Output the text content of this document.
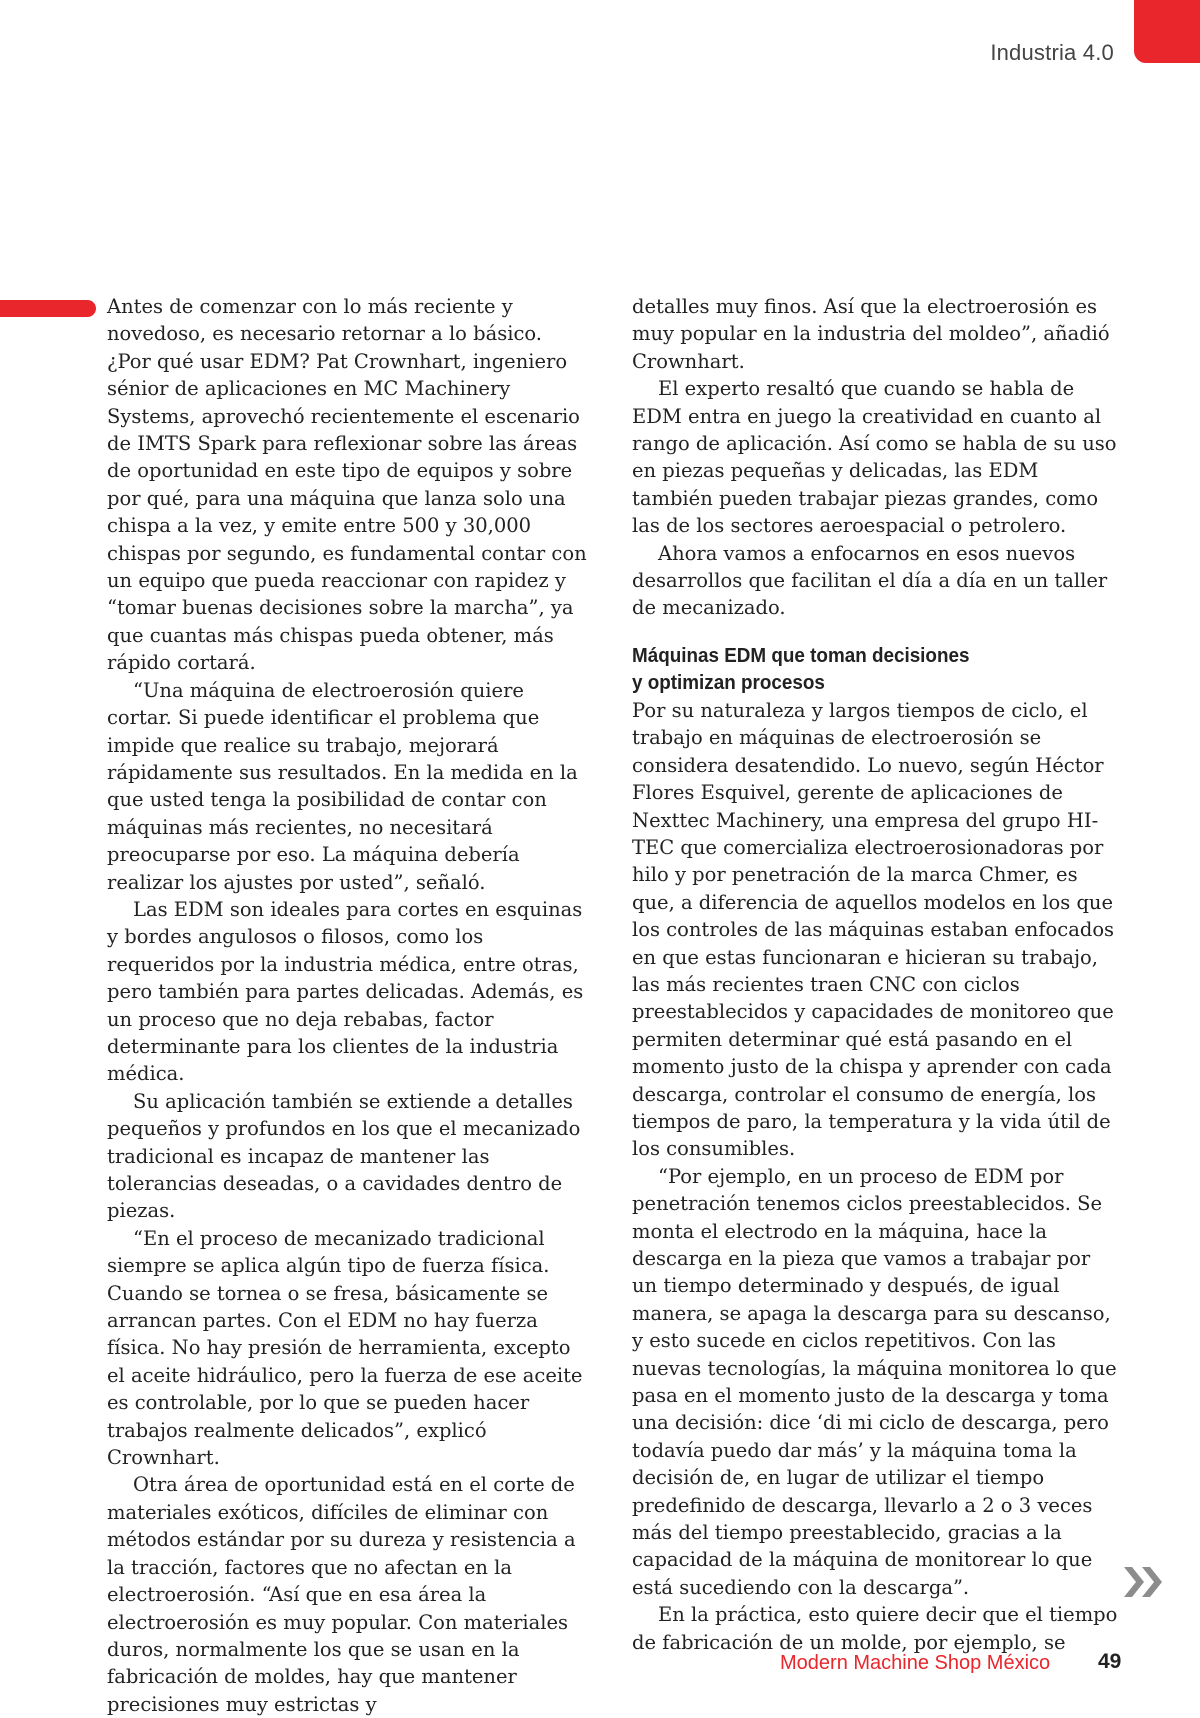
Industria 4.0

Antes de comenzar con lo más reciente y novedoso, es necesario retornar a lo básico. ¿Por qué usar EDM? Pat Crownhart, ingeniero sénior de aplicaciones en MC Machinery Systems, aprovechó recientemente el escenario de IMTS Spark para reflexionar sobre las áreas de oportunidad en este tipo de equipos y sobre por qué, para una máquina que lanza solo una chispa a la vez, y emite entre 500 y 30,000 chispas por segundo, es fundamental contar con un equipo que pueda reaccionar con rapidez y “tomar buenas decisiones sobre la marcha”, ya que cuantas más chispas pueda obtener, más rápido cortará.

“Una máquina de electroerosión quiere cortar. Si puede identificar el problema que impide que realice su trabajo, mejorará rápidamente sus resultados. En la medida en la que usted tenga la posibilidad de contar con máquinas más recientes, no necesitará preocuparse por eso. La máquina debería realizar los ajustes por usted”, señaló.

Las EDM son ideales para cortes en esquinas y bordes angulosos o filosos, como los requeridos por la industria médica, entre otras, pero también para partes delicadas. Además, es un proceso que no deja rebabas, factor determinante para los clientes de la industria médica.

Su aplicación también se extiende a detalles pequeños y profundos en los que el mecanizado tradicional es incapaz de mantener las tolerancias deseadas, o a cavidades dentro de piezas.

“En el proceso de mecanizado tradicional siempre se aplica algún tipo de fuerza física. Cuando se tornea o se fresa, básicamente se arrancan partes. Con el EDM no hay fuerza física. No hay presión de herramienta, excepto el aceite hidráulico, pero la fuerza de ese aceite es controlable, por lo que se pueden hacer trabajos realmente delicados”, explicó Crownhart.

Otra área de oportunidad está en el corte de materiales exóticos, difíciles de eliminar con métodos estándar por su dureza y resistencia a la tracción, factores que no afectan en la electroerosión. “Así que en esa área la electroerosión es muy popular. Con materiales duros, normalmente los que se usan en la fabricación de moldes, hay que mantener precisiones muy estrictas y

detalles muy finos. Así que la electroerosión es muy popular en la industria del moldeo”, añadió Crownhart.

El experto resaltó que cuando se habla de EDM entra en juego la creatividad en cuanto al rango de aplicación. Así como se habla de su uso en piezas pequeñas y delicadas, las EDM también pueden trabajar piezas grandes, como las de los sectores aeroespacial o petrolero.

Ahora vamos a enfocarnos en esos nuevos desarrollos que facilitan el día a día en un taller de mecanizado.

Máquinas EDM que toman decisiones
y optimizan procesos

Por su naturaleza y largos tiempos de ciclo, el trabajo en máquinas de electroerosión se considera desatendido. Lo nuevo, según Héctor Flores Esquivel, gerente de aplicaciones de Nexttec Machinery, una empresa del grupo HI-TEC que comercializa electroerosionadoras por hilo y por penetración de la marca Chmer, es que, a diferencia de aquellos modelos en los que los controles de las máquinas estaban enfocados en que estas funcionaran e hicieran su trabajo, las más recientes traen CNC con ciclos preestablecidos y capacidades de monitoreo que permiten determinar qué está pasando en el momento justo de la chispa y aprender con cada descarga, controlar el consumo de energía, los tiempos de paro, la temperatura y la vida útil de los consumibles.

“Por ejemplo, en un proceso de EDM por penetración tenemos ciclos preestablecidos. Se monta el electrodo en la máquina, hace la descarga en la pieza que vamos a trabajar por un tiempo determinado y después, de igual manera, se apaga la descarga para su descanso, y esto sucede en ciclos repetitivos. Con las nuevas tecnologías, la máquina monitorea lo que pasa en el momento justo de la descarga y toma una decisión: dice ‘di mi ciclo de descarga, pero todavía puedo dar más’ y la máquina toma la decisión de, en lugar de utilizar el tiempo predefinido de descarga, llevarlo a 2 o 3 veces más del tiempo preestablecido, gracias a la capacidad de la máquina de monitorear lo que está sucediendo con la descarga”.

En la práctica, esto quiere decir que el tiempo de fabricación de un molde, por ejemplo, se

Modern Machine Shop México 49
